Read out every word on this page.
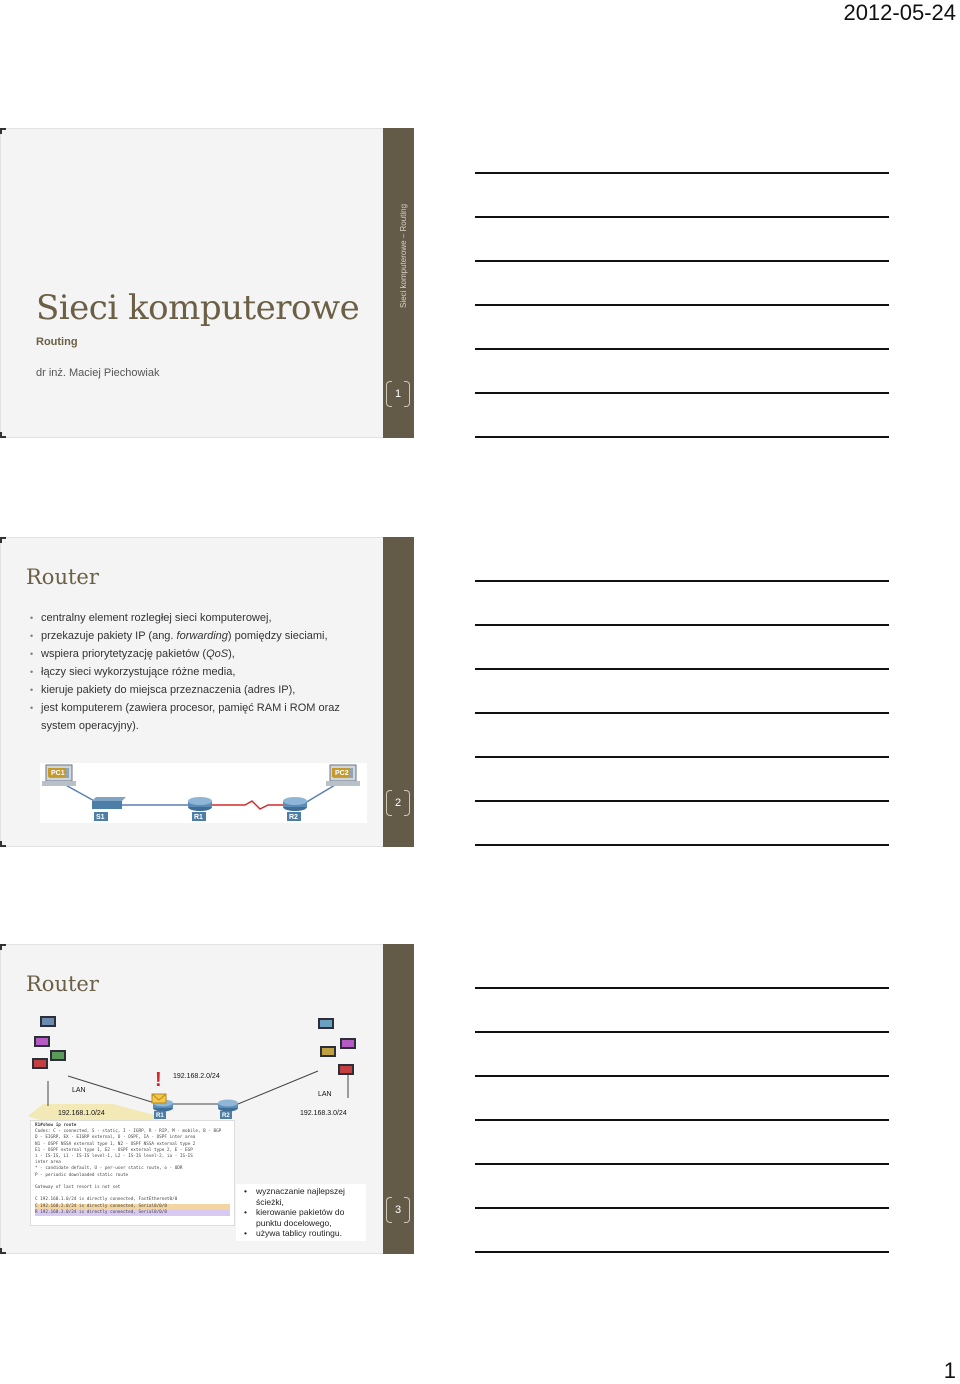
2012-05-24
Sieci komputerowe
Routing
dr inż. Maciej Piechowiak
Sieci komputerowe – Routing
1
Router
• centralny element rozległej sieci komputerowej,
• przekazuje pakiety IP (ang. forwarding) pomiędzy sieciami,
• wspiera priorytetyzację pakietów (QoS),
• łączy sieci wykorzystujące różne media,
• kieruje pakiety do miejsca przeznaczenia (adres IP),
• jest komputerem (zawiera procesor, pamięć RAM i ROM oraz system operacyjny).
PC1	PC2
S1	R1	R2
2
Router
! 192.168.2.0/24
192.168.1.0/24	192.168.3.0/24
LAN
LAN
R1	R2
R1#show ip route
Codes: C - connected, S - static, I - IGRP, R - RIP, M - mobile, B - BGP
D - EIGRP, EX - EIGRP external, O - OSPF, IA - OSPF inter area
N1 - OSPF NSSA external type 1, N2 - OSPF NSSA external type 2
E1 - OSPF external type 1, E2 - OSPF external type 2, E - EGP
i - IS-IS, L1 - IS-IS level-1, L2 - IS-IS level-2, ia - IS-IS
inter area
* - candidate default, U - per-user static route, o - ODR
P - periodic downloaded static route

Gateway of last resort is not set

C 192.168.1.0/24 is directly connected, FastEthernet0/0
C 192.168.2.0/24 is directly connected, Serial0/0/0
R 192.168.3.0/24 is directly connected, Serial0/0/0
• wyznaczanie najlepszej ścieżki,
• kierowanie pakietów do punktu docelowego,
• używa tablicy routingu.
3
1
